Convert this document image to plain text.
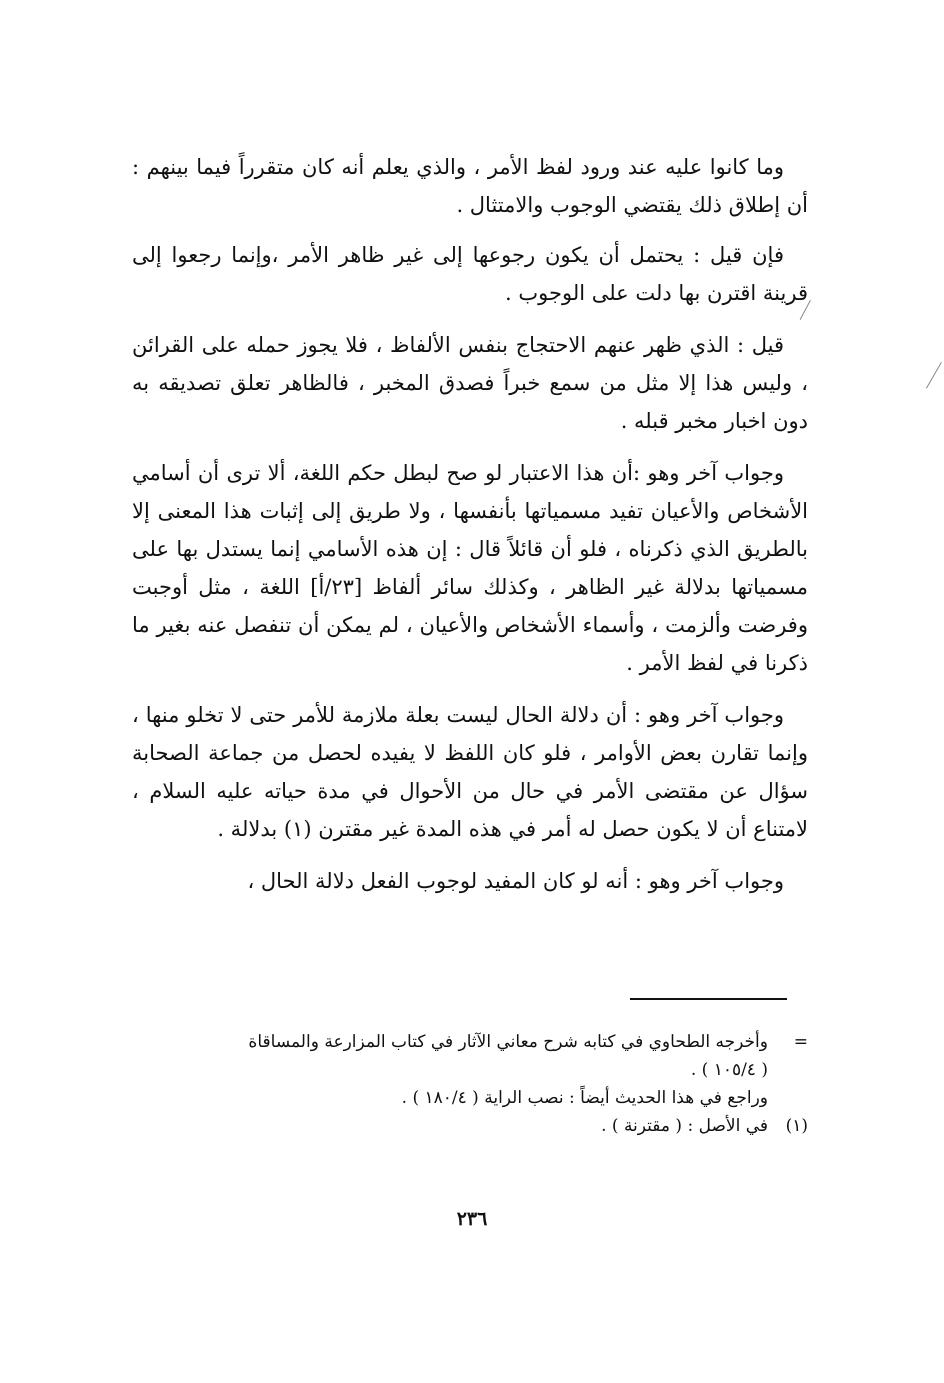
وما كانوا عليه عند ورود لفظ الأمر ، والذي يعلم أنه كان متقرراً فيما بينهم : أن إطلاق ذلك يقتضي الوجوب والامتثال .

فإن قيل : يحتمل أن يكون رجوعها إلى غير ظاهر الأمر ،وإنما رجعوا إلى قرينة اقترن بها دلت على الوجوب .

قيل : الذي ظهر عنهم الاحتجاج بنفس الألفاظ ، فلا يجوز حمله على القرائن ، وليس هذا إلا مثل من سمع خبراً فصدق المخبر ، فالظاهر تعلق تصديقه به دون اخبار مخبر قبله .

وجواب آخر وهو :أن هذا الاعتبار لو صح لبطل حكم اللغة، ألا ترى أن أسامي الأشخاص والأعيان تفيد مسمياتها بأنفسها ، ولا طريق إلى إثبات هذا المعنى إلا بالطريق الذي ذكرناه ، فلو أن قائلاً قال : إن هذه الأسامي إنما يستدل بها على مسمياتها بدلالة غير الظاهر ، وكذلك سائر ألفاظ [٢٣/أ] اللغة ، مثل أوجبت وفرضت وألزمت ، وأسماء الأشخاص والأعيان ، لم يمكن أن تنفصل عنه بغير ما ذكرنا في لفظ الأمر .

وجواب آخر وهو : أن دلالة الحال ليست بعلة ملازمة للأمر حتى لا تخلو منها ، وإنما تقارن بعض الأوامر ، فلو كان اللفظ لا يفيده لحصل من جماعة الصحابة سؤال عن مقتضى الأمر في حال من الأحوال في مدة حياته عليه السلام ، لامتناع أن لا يكون حصل له أمر في هذه المدة غير مقترن (١) بدلالة .

وجواب آخر وهو : أنه لو كان المفيد لوجوب الفعل دلالة الحال ،

=
وأخرجه الطحاوي في كتابه شرح معاني الآثار في كتاب المزارعة والمساقاة
( ١٠٥/٤ ) .
وراجع في هذا الحديث أيضاً : نصب الراية ( ١٨٠/٤ ) .
(١)
في الأصل : ( مقترنة ) .
٢٣٦
